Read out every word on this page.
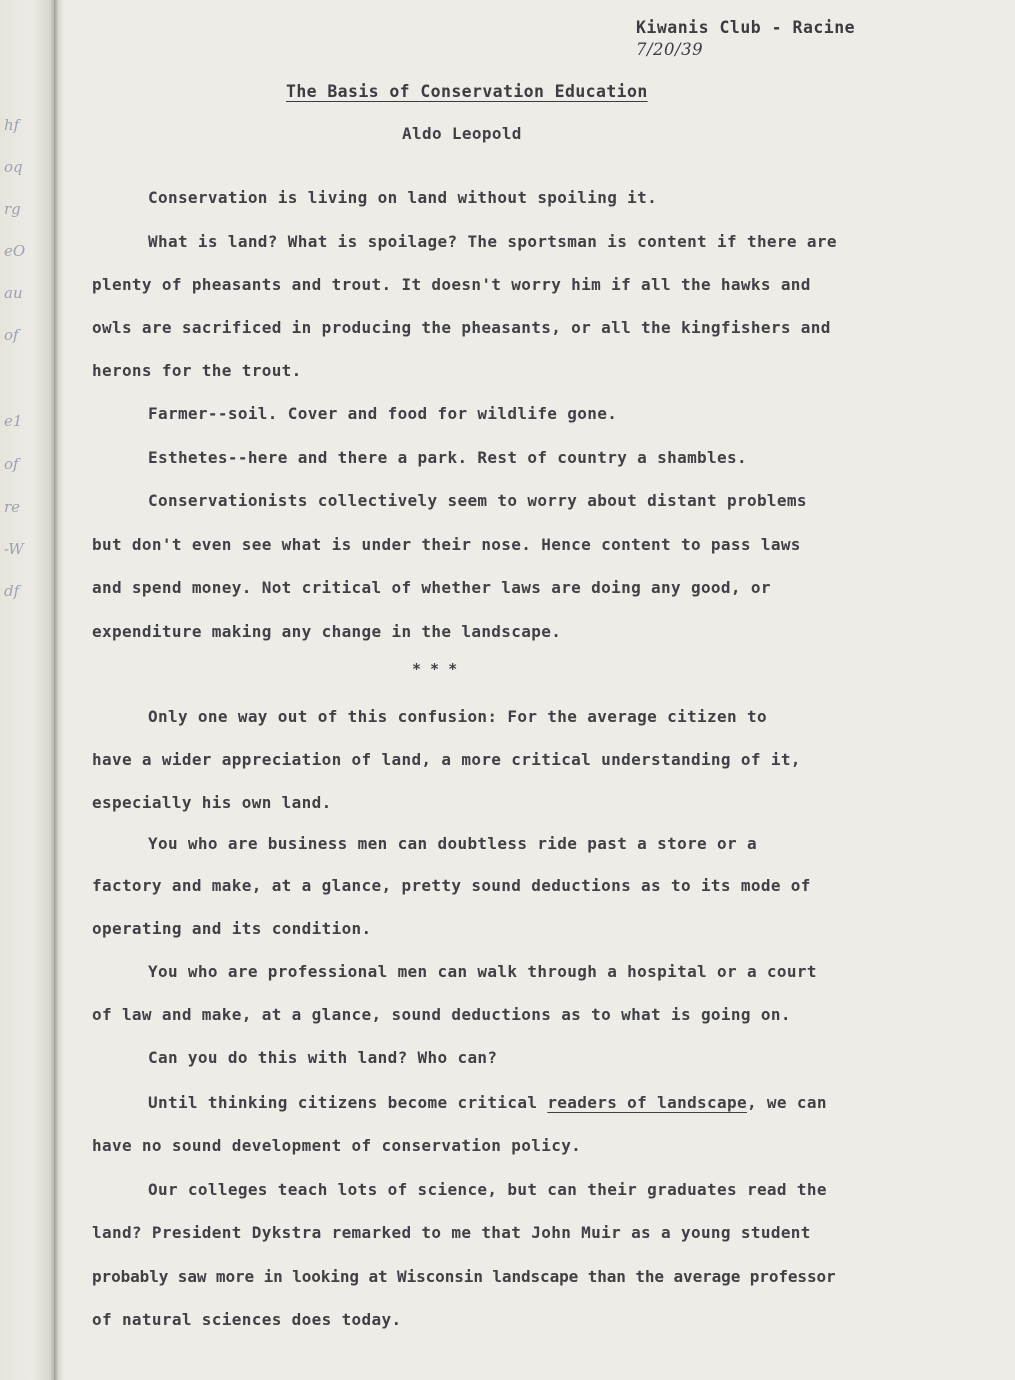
hf
oq
rg
eO
au
of
e1
of
re
-W
df
Kiwanis Club - Racine
7/20/39
The Basis of Conservation Education
Aldo Leopold
Conservation is living on land without spoiling it.
What is land? What is spoilage? The sportsman is content if there are
plenty of pheasants and trout. It doesn't worry him if all the hawks and
owls are sacrificed in producing the pheasants, or all the kingfishers and
herons for the trout.
Farmer--soil. Cover and food for wildlife gone.
Esthetes--here and there a park. Rest of country a shambles.
Conservationists collectively seem to worry about distant problems
but don't even see what is under their nose. Hence content to pass laws
and spend money. Not critical of whether laws are doing any good, or
expenditure making any change in the landscape.
* * *
Only one way out of this confusion: For the average citizen to
have a wider appreciation of land, a more critical understanding of it,
especially his own land.
You who are business men can doubtless ride past a store or a
factory and make, at a glance, pretty sound deductions as to its mode of
operating and its condition.
You who are professional men can walk through a hospital or a court
of law and make, at a glance, sound deductions as to what is going on.
Can you do this with land? Who can?
Until thinking citizens become critical readers of landscape, we can
have no sound development of conservation policy.
Our colleges teach lots of science, but can their graduates read the
land? President Dykstra remarked to me that John Muir as a young student
probably saw more in looking at Wisconsin landscape than the average professor
of natural sciences does today.
